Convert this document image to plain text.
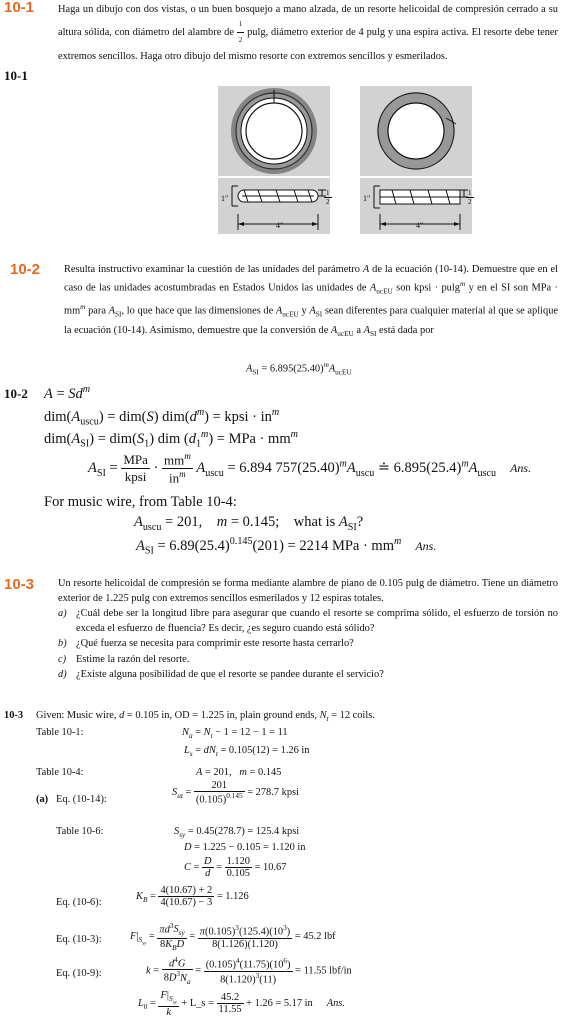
10-1 Haga un dibujo con dos vistas, o un buen bosquejo a mano alzada, de un resorte helicoidal de compresión cerrado a su altura sólida, con diámetro del alambre de $\frac{1}{2} pulg$, diámetro exterior de 4 pulg y una espira activa. El resorte debe tener extremos sencillos. Haga otro dibujo del mismo resorte con extremos sencillos y esmerilados.
10-1
1"	1"
4"	4"
$\frac{1}{2}$	$\frac{1}{2}$
10-2 Resulta instructivo examinar la cuestión de las unidades del parámetro A de la ecuación (10-14). Demuestre que en el caso de las unidades acostumbradas en Estados Unidos las unidades de $A_{ucEU}$ son kpsi · pulg$^m$ y en el SI son MPa · $mm^m$ para $A_{SI}$, lo que hace que las dimensiones de $A_{ucEU}$ y $A_{SI}$ sean diferentes para cualquier material al que se aplique la ecuación (10-14). Asimismo, demuestre que la conversión de $A_{ucEU}$ a $A_{SI}$ está dada por
$A_{SI} = 6.895(25.40)^mA_{ucEU}$
10-2 $A = Sd^m$
$dim(A_{uscu}) = dim(S) dim(d^m)$ = kpsi · $in^m$
$dim(A_{SI}) = dim(S_1)$ dim $(d_1^m)$ = MPa · $mm^m$
$A_{SI} = \frac{\text{MPa}}{\text{kpsi}} \cdot \frac{mm^m}{in^m} A_{uscu} = 6.894$ $757(25.40)^mA_{uscu}$ ≐ $6.895(25.4)^mA_{uscu}$ Ans.
For music wire, from Table 10-4:
$A_{uscu} = 201$,    m = 0.145;    what is $A_{SI}$?
$A_{SI} = 6.89(25.4)^{0.145}(201) = 2214$ MPa · $mm^m$ Ans.
10-3 Un resorte helicoidal de compresión se forma mediante alambre de piano de 0.105 pulg de diámetro. Tiene un diámetro exterior de 1.225 pulg con extremos sencillos esmerilados y 12 espiras totales.
a) ¿Cuál debe ser la longitud libre para asegurar que cuando el resorte se comprima sólido, el esfuerzo de torsión no exceda el esfuerzo de fluencia? Es decir, ¿es seguro cuando está sólido?
b) ¿Qué fuerza se necesita para comprimir este resorte hasta cerrarlo?
c) Estime la razón del resorte.
d) ¿Existe alguna posibilidad de que el resorte se pandee durante el servicio?
10-3 Given: Music wire, d = 0.105 in, OD = 1.225 in, plain ground ends, $N_t = 12$ coils.
Table 10-1:	$N_a = N_t - 1 = 12 - 1 = 11$
$L_s = dN_t = 0.105(12) = 1.26$ in
Table 10-4:	A = 201,   m = 0.145
(a) Eq. (10-14):
$S_{ut} = \frac{201}{(0.105)^{0.145}} = 278.7$ kpsi
Table 10-6:	$S_{sy} = 0.45(278.7) = 125.4$ kpsi
D = 1.225 − 0.105 = 1.120 in
$C = \frac{D}{d} = \frac{1.120}{0.105} = 10.67$
Eq. (10-6):
$K_B = \frac{4(10.67) + 2}{4(10.67) - 3} = 1.126$
Eq. (10-3):	$F|_{S_{sy}} = \frac{\pi d^3S_{sy}}{8K_BD} = \frac{\pi(0.105)^3(125.4)(10^3)}{8(1.126)(1.120)} = 45.2$ lbf
Eq. (10-9):	$k = \frac{d^4G}{8D^3N_a} = \frac{(0.105)^4(11.75)(10^6)}{8(1.120)^3(11)} = 11.55$ lbf/in
$L_0 = \frac{F|_{S_{sy}}}{k}$ + L_s = $\frac{45.2}{11.55} + 1.26 = 5.17$ in Ans.
